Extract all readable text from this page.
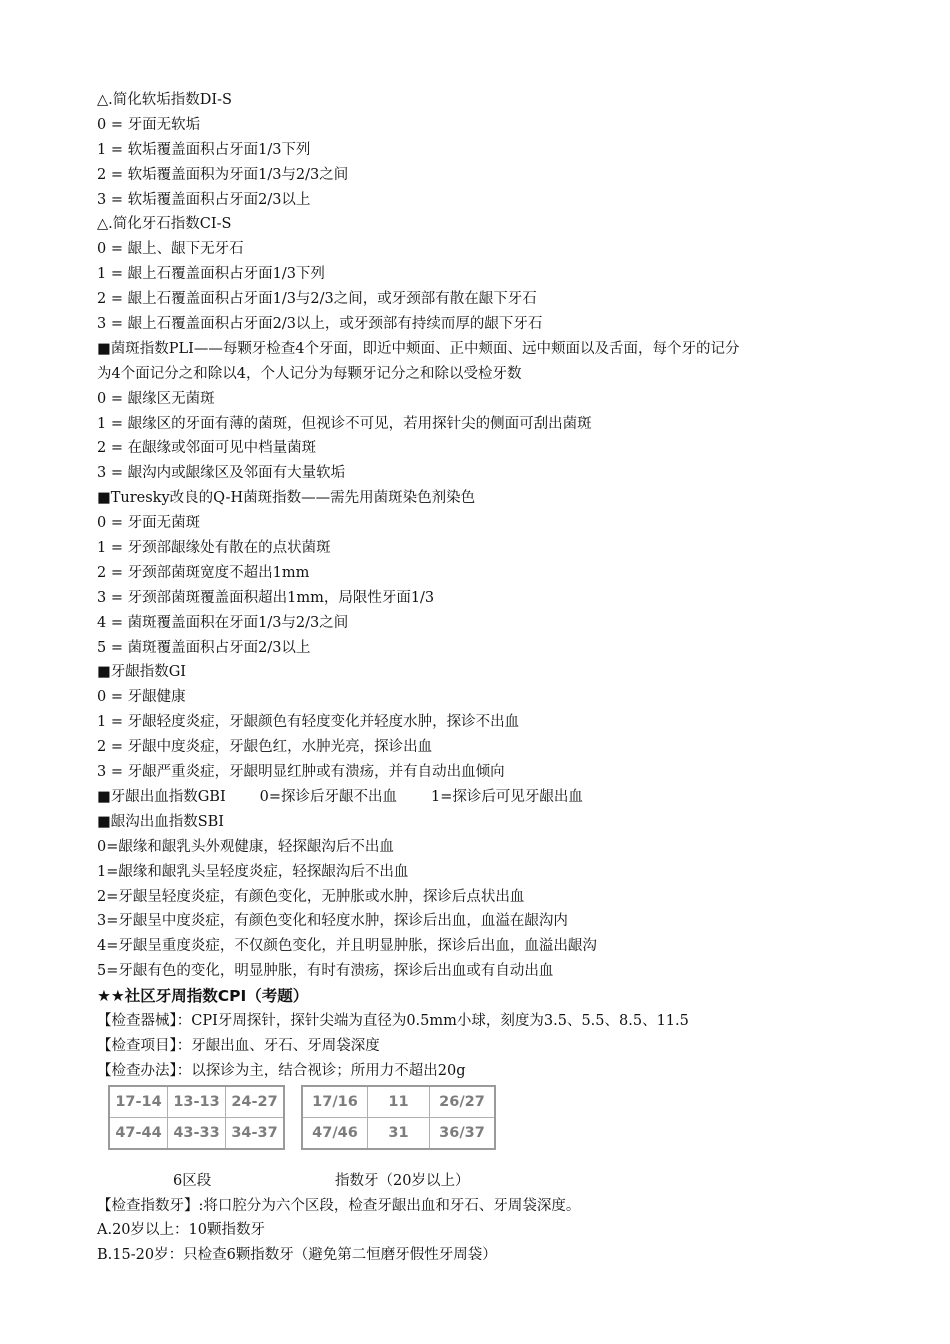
△.简化软垢指数DI-S
0 = 牙面无软垢
1 = 软垢覆盖面积占牙面1/3下列
2 = 软垢覆盖面积为牙面1/3与2/3之间
3 = 软垢覆盖面积占牙面2/3以上
△.简化牙石指数CI-S
0 = 龈上、龈下无牙石
1 = 龈上石覆盖面积占牙面1/3下列
2 = 龈上石覆盖面积占牙面1/3与2/3之间，或牙颈部有散在龈下牙石
3 = 龈上石覆盖面积占牙面2/3以上，或牙颈部有持续而厚的龈下牙石
■菌斑指数PLI——每颗牙检查4个牙面，即近中颊面、正中颊面、远中颊面以及舌面，每个牙的记分
为4个面记分之和除以4，个人记分为每颗牙记分之和除以受检牙数
0 = 龈缘区无菌斑
1 = 龈缘区的牙面有薄的菌斑，但视诊不可见，若用探针尖的侧面可刮出菌斑
2 = 在龈缘或邻面可见中档量菌斑
3 = 龈沟内或龈缘区及邻面有大量软垢
■Turesky改良的Q-H菌斑指数——需先用菌斑染色剂染色
0 = 牙面无菌斑
1 = 牙颈部龈缘处有散在的点状菌斑
2 = 牙颈部菌斑宽度不超出1mm
3 = 牙颈部菌斑覆盖面积超出1mm，局限性牙面1/3
4 = 菌斑覆盖面积在牙面1/3与2/3之间
5 = 菌斑覆盖面积占牙面2/3以上
■牙龈指数GI
0 = 牙龈健康
1 = 牙龈轻度炎症，牙龈颜色有轻度变化并轻度水肿，探诊不出血
2 = 牙龈中度炎症，牙龈色红，水肿光亮，探诊出血
3 = 牙龈严重炎症，牙龈明显红肿或有溃疡，并有自动出血倾向
■牙龈出血指数GBI 0=探诊后牙龈不出血 1=探诊后可见牙龈出血
■龈沟出血指数SBI
0=龈缘和龈乳头外观健康，轻探龈沟后不出血
1=龈缘和龈乳头呈轻度炎症，轻探龈沟后不出血
2=牙龈呈轻度炎症，有颜色变化，无肿胀或水肿，探诊后点状出血
3=牙龈呈中度炎症，有颜色变化和轻度水肿，探诊后出血，血溢在龈沟内
4=牙龈呈重度炎症，不仅颜色变化，并且明显肿胀，探诊后出血，血溢出龈沟
5=牙龈有色的变化，明显肿胀，有时有溃疡，探诊后出血或有自动出血
★★社区牙周指数CPI（考题）
【检查器械】：CPI牙周探针，探针尖端为直径为0.5mm小球，刻度为3.5、5.5、8.5、11.5
【检查项目】：牙龈出血、牙石、牙周袋深度
【检查办法】：以探诊为主，结合视诊；所用力不超出20g
17-14	13-13	24-27
47-44	43-33	34-37
17/16	11	26/27
47/46	31	36/37
6区段	指数牙（20岁以上）
【检查指数牙】:将口腔分为六个区段，检查牙龈出血和牙石、牙周袋深度。
A.20岁以上：10颗指数牙
B.15-20岁：只检查6颗指数牙（避免第二恒磨牙假性牙周袋）
